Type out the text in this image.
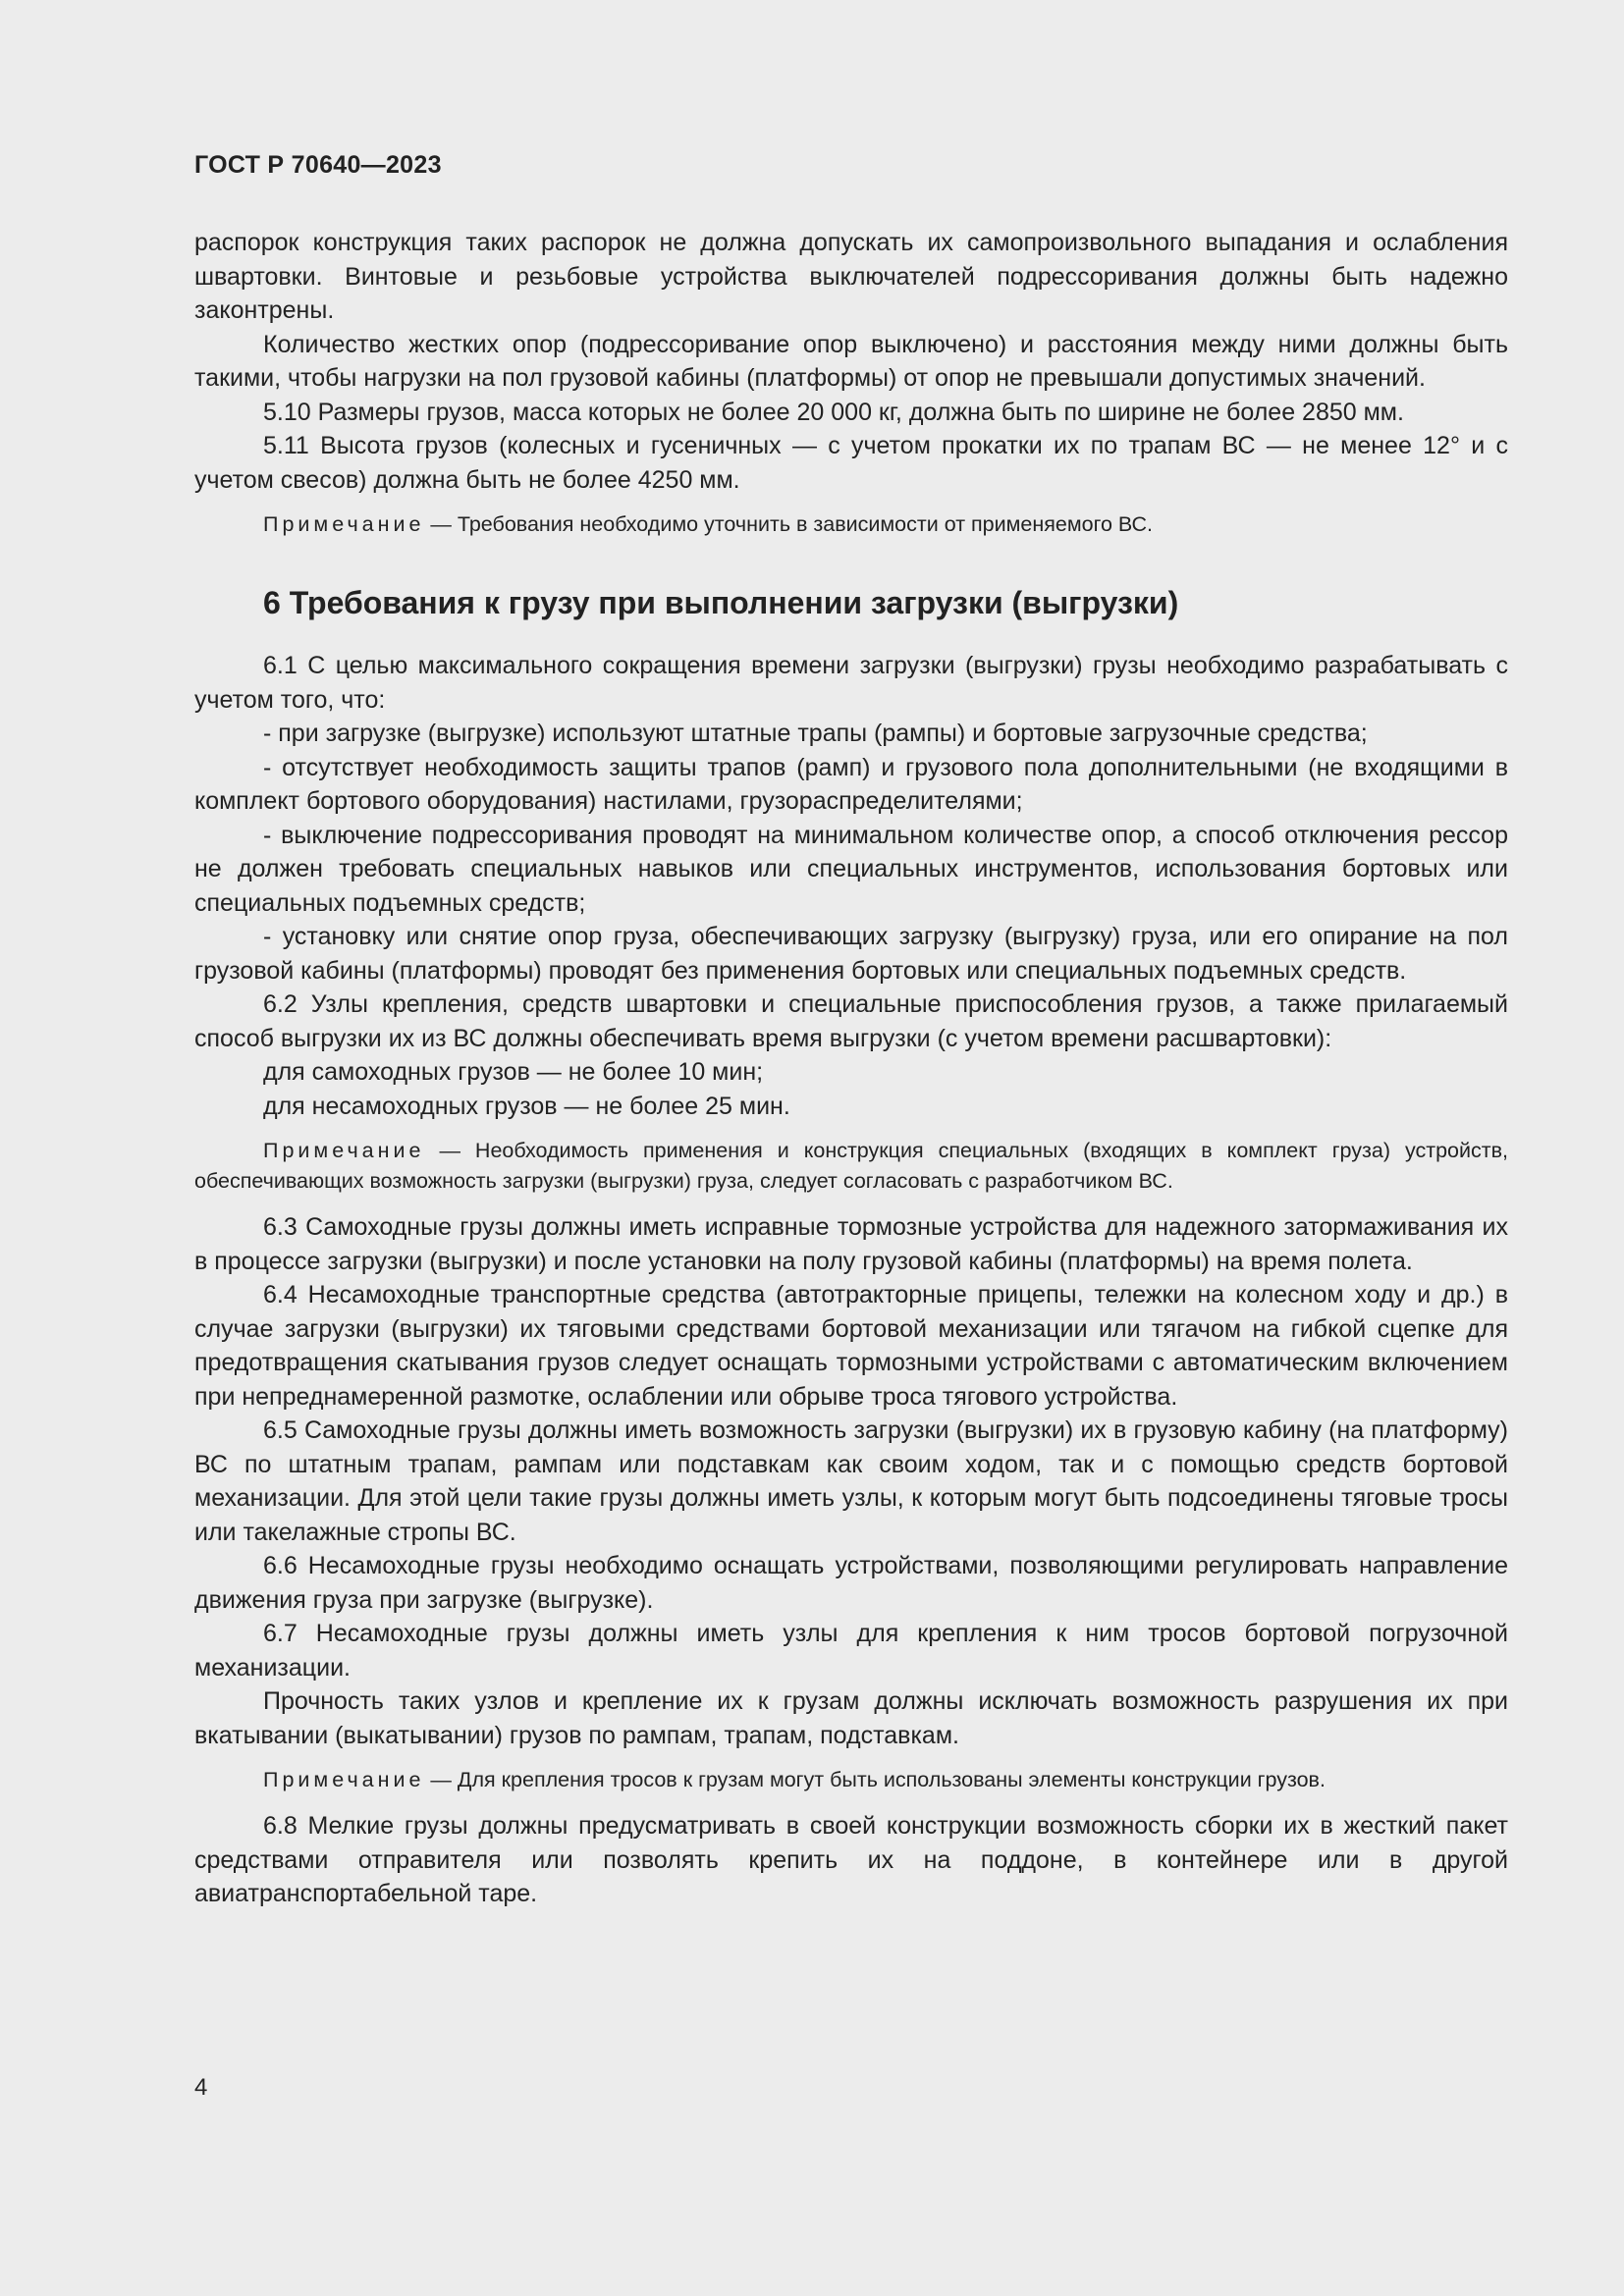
ГОСТ Р 70640—2023

распорок конструкция таких распорок не должна допускать их самопроизвольного выпадания и ослабления швартовки. Винтовые и резьбовые устройства выключателей подрессоривания должны быть надежно законтрены.

Количество жестких опор (подрессоривание опор выключено) и расстояния между ними должны быть такими, чтобы нагрузки на пол грузовой кабины (платформы) от опор не превышали допустимых значений.

5.10 Размеры грузов, масса которых не более 20 000 кг, должна быть по ширине не более 2850 мм.

5.11 Высота грузов (колесных и гусеничных — с учетом прокатки их по трапам ВС — не менее 12° и с учетом свесов) должна быть не более 4250 мм.

Примечание — Требования необходимо уточнить в зависимости от применяемого ВС.

6 Требования к грузу при выполнении загрузки (выгрузки)

6.1 С целью максимального сокращения времени загрузки (выгрузки) грузы необходимо разрабатывать с учетом того, что:

- при загрузке (выгрузке) используют штатные трапы (рампы) и бортовые загрузочные средства;

- отсутствует необходимость защиты трапов (рамп) и грузового пола дополнительными (не входящими в комплект бортового оборудования) настилами, грузораспределителями;

- выключение подрессоривания проводят на минимальном количестве опор, а способ отключения рессор не должен требовать специальных навыков или специальных инструментов, использования бортовых или специальных подъемных средств;

- установку или снятие опор груза, обеспечивающих загрузку (выгрузку) груза, или его опирание на пол грузовой кабины (платформы) проводят без применения бортовых или специальных подъемных средств.

6.2 Узлы крепления, средств швартовки и специальные приспособления грузов, а также прилагаемый способ выгрузки их из ВС должны обеспечивать время выгрузки (с учетом времени расшвартовки):

для самоходных грузов — не более 10 мин;

для несамоходных грузов — не более 25 мин.

Примечание — Необходимость применения и конструкция специальных (входящих в комплект груза) устройств, обеспечивающих возможность загрузки (выгрузки) груза, следует согласовать с разработчиком ВС.

6.3 Самоходные грузы должны иметь исправные тормозные устройства для надежного затормаживания их в процессе загрузки (выгрузки) и после установки на полу грузовой кабины (платформы) на время полета.

6.4 Несамоходные транспортные средства (автотракторные прицепы, тележки на колесном ходу и др.) в случае загрузки (выгрузки) их тяговыми средствами бортовой механизации или тягачом на гибкой сцепке для предотвращения скатывания грузов следует оснащать тормозными устройствами с автоматическим включением при непреднамеренной размотке, ослаблении или обрыве троса тягового устройства.

6.5 Самоходные грузы должны иметь возможность загрузки (выгрузки) их в грузовую кабину (на платформу) ВС по штатным трапам, рампам или подставкам как своим ходом, так и с помощью средств бортовой механизации. Для этой цели такие грузы должны иметь узлы, к которым могут быть подсоединены тяговые тросы или такелажные стропы ВС.

6.6 Несамоходные грузы необходимо оснащать устройствами, позволяющими регулировать направление движения груза при загрузке (выгрузке).

6.7 Несамоходные грузы должны иметь узлы для крепления к ним тросов бортовой погрузочной механизации.

Прочность таких узлов и крепление их к грузам должны исключать возможность разрушения их при вкатывании (выкатывании) грузов по рампам, трапам, подставкам.

Примечание — Для крепления тросов к грузам могут быть использованы элементы конструкции грузов.

6.8 Мелкие грузы должны предусматривать в своей конструкции возможность сборки их в жесткий пакет средствами отправителя или позволять крепить их на поддоне, в контейнере или в другой авиатранспортабельной таре.

4
